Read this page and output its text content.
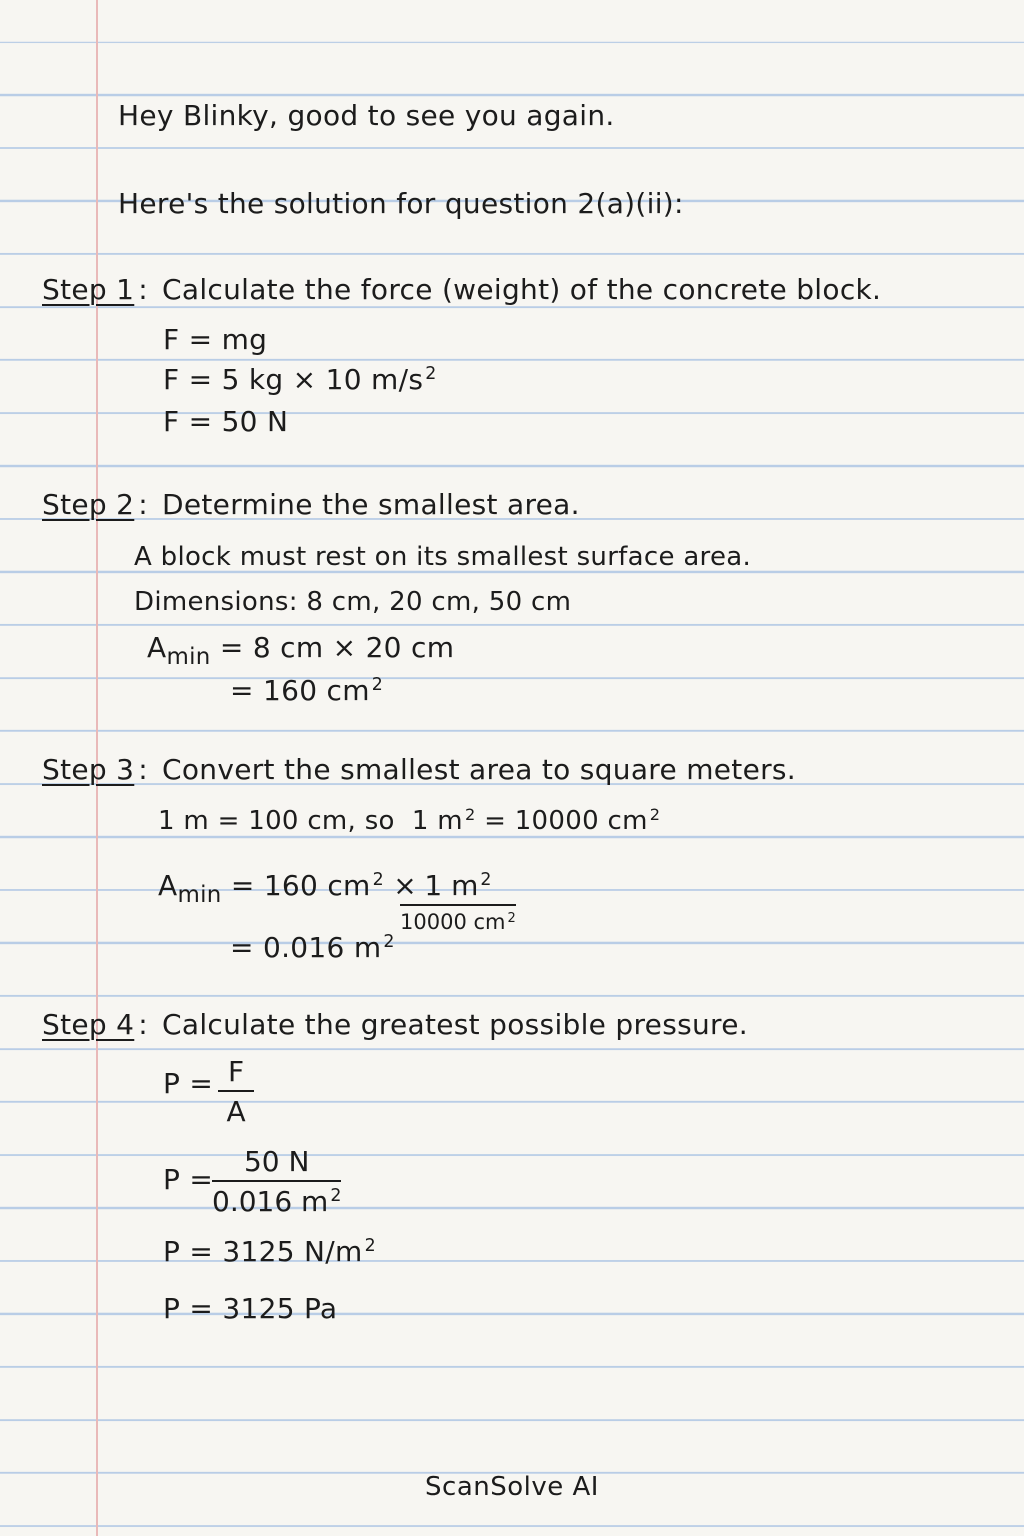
Hey Blinky, good to see you again.
Here's the solution for question 2(a)(ii):
Step 1 : Calculate the force (weight) of the concrete block.
F = mg
F = 5 kg × 10 m/s $^2$
F = 50 N
Step 2 : Determine the smallest area.
A block must rest on its smallest surface area.
Dimensions: 8 cm, 20 cm, 50 cm
$A_{min} = 8$ cm × 20 cm
= 160 cm $^2$
Step 3 : Convert the smallest area to square meters.
1 m = 100 cm, so 1 m $^2$ = 10000 cm $^2$
$A_{min} = 160$ cm $^2$ × 1 m $^2$
10000 cm $^2$
= 0.016 m $^2$
Step 4 : Calculate the greatest possible pressure.
$P = \frac{F}{A}$
P =
$\frac{50 N}{0.016 m ^2}$
P = 3125 N/m $^2$
P = 3125 Pa
ScanSolve AI
